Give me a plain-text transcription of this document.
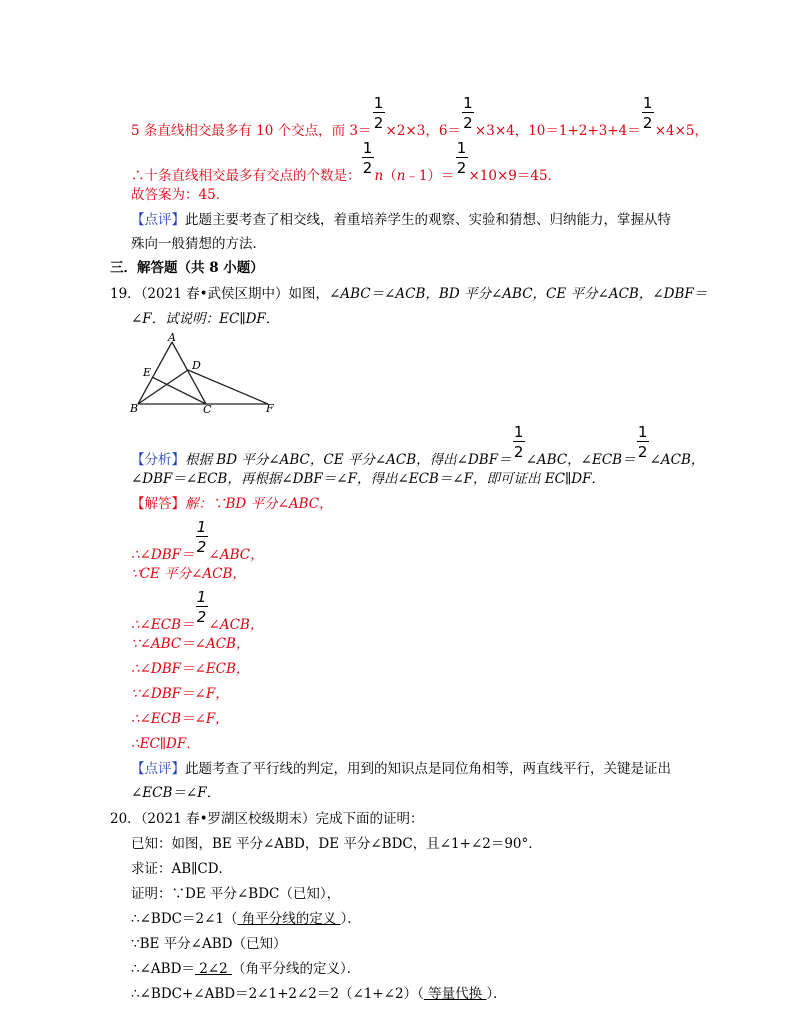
5 条直线相交最多有 10 个交点，而 $3= \frac{1}{2} \times 2\times 3$，$6= \frac{1}{2} \times 3\times 4$，$10=1+2+3+4= \frac{1}{2} \times 4\times 5$，
∴十条直线相交最多有交点的个数是： $\frac{1}{2}$ n（n﹣1）＝ $\frac{1}{2} \times 10\times 9=45$．
故答案为：45．
【点评】此题主要考查了相交线，着重培养学生的观察、实验和猜想、归纳能力，掌握从特
殊向一般猜想的方法．
三．解答题（共 8 小题）
19．（2021 春•武侯区期中）如图，∠ABC＝∠ACB，BD 平分∠ABC，CE 平分∠ACB，∠DBF＝
∠F．试说明：EC∥DF．
A
E
D
B	C	F
【分析】根据 BD 平分∠ABC，CE 平分∠ACB，得出∠DBF＝ $\frac{1}{2}$ ∠ABC，∠ECB＝ $\frac{1}{2}$ ∠ACB，
∠DBF＝∠ECB，再根据∠DBF＝∠F，得出∠ECB＝∠F，即可证出 EC∥DF．
【解答】解：∵BD 平分∠ABC，
∴∠DBF＝ $\frac{1}{2}$ ∠ABC，
∵CE 平分∠ACB，
∴∠ECB＝ $\frac{1}{2}$ ∠ACB，
∵∠ABC＝∠ACB，
∴∠DBF＝∠ECB，
∵∠DBF＝∠F，
∴∠ECB＝∠F，
∴EC∥DF．
【点评】此题考查了平行线的判定，用到的知识点是同位角相等，两直线平行，关键是证出
∠ECB＝∠F．
20．（2021 春•罗湖区校级期末）完成下面的证明：
已知：如图，BE 平分∠ABD，DE 平分∠BDC，且∠1+∠2＝90°．
求证：AB∥CD．
证明：∵DE 平分∠BDC（已知），
∴∠BDC＝2∠1（ 角平分线的定义 ）．
∵BE 平分∠ABD（已知）
∴∠ABD＝ 2∠2 （角平分线的定义）．
∴∠BDC+∠ABD＝2∠1+2∠2＝2（∠1+∠2）（ 等量代换 ）．
